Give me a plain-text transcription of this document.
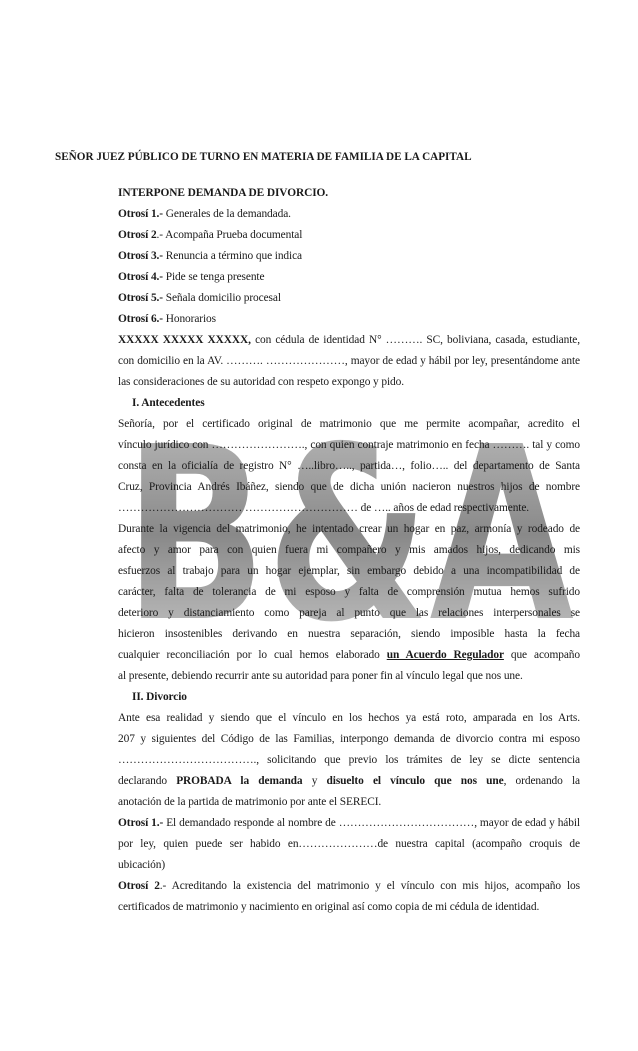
B&A
SEÑOR JUEZ PÚBLICO DE TURNO EN MATERIA DE FAMILIA DE LA CAPITAL
INTERPONE DEMANDA DE DIVORCIO.
Otrosí 1.- Generales de la demandada.
Otrosí 2.- Acompaña Prueba documental
Otrosí 3.- Renuncia a término que indica
Otrosí 4.- Pide se tenga presente
Otrosí 5.- Señala domicilio procesal
Otrosí 6.- Honorarios
XXXXX XXXXX XXXXX, con cédula de identidad N° ………. SC, boliviana, casada, estudiante,
con domicilio en la AV. ………. …………………, mayor de edad y hábil por ley, presentándome ante
las consideraciones de su autoridad con respeto expongo y pido.
I. Antecedentes
Señoría, por el certificado original de matrimonio que me permite acompañar, acredito el
vínculo jurídico con ……………………., con quien contraje matrimonio en fecha ………. tal y como
consta en la oficialía de registro N° …..libro….., partida…, folio….. del departamento de Santa
Cruz, Provincia Andrés Ibáñez, siendo que de dicha unión nacieron nuestros hijos de nombre
…………………………… ………………………… de ….. años de edad respectivamente.
Durante la vigencia del matrimonio, he intentado crear un hogar en paz, armonía y rodeado de
afecto y amor para con quien fuera mi compañero y mis amados hijos, dedicando mis
esfuerzos al trabajo para un hogar ejemplar, sin embargo debido a una incompatibilidad de
carácter, falta de tolerancia de mi esposo y falta de comprensión mutua hemos sufrido
deterioro y distanciamiento como pareja al punto que las relaciones interpersonales se
hicieron insostenibles derivando en nuestra separación, siendo imposible hasta la fecha
cualquier reconciliación por lo cual hemos elaborado un Acuerdo Regulador que acompaño
al presente, debiendo recurrir ante su autoridad para poner fin al vínculo legal que nos une.
II. Divorcio
Ante esa realidad y siendo que el vínculo en los hechos ya está roto, amparada en los Arts.
207 y siguientes del Código de las Familias, interpongo demanda de divorcio contra mi esposo
………………………………., solicitando que previo los trámites de ley se dicte sentencia
declarando PROBADA la demanda y disuelto el vínculo que nos une, ordenando la
anotación de la partida de matrimonio por ante el SERECI.
Otrosí 1.- El demandado responde al nombre de ………………………………, mayor de edad y hábil
por ley, quien puede ser habido en…………………de nuestra capital (acompaño croquis de
ubicación)
Otrosí 2.- Acreditando la existencia del matrimonio y el vínculo con mis hijos, acompaño los
certificados de matrimonio y nacimiento en original así como copia de mi cédula de identidad.
